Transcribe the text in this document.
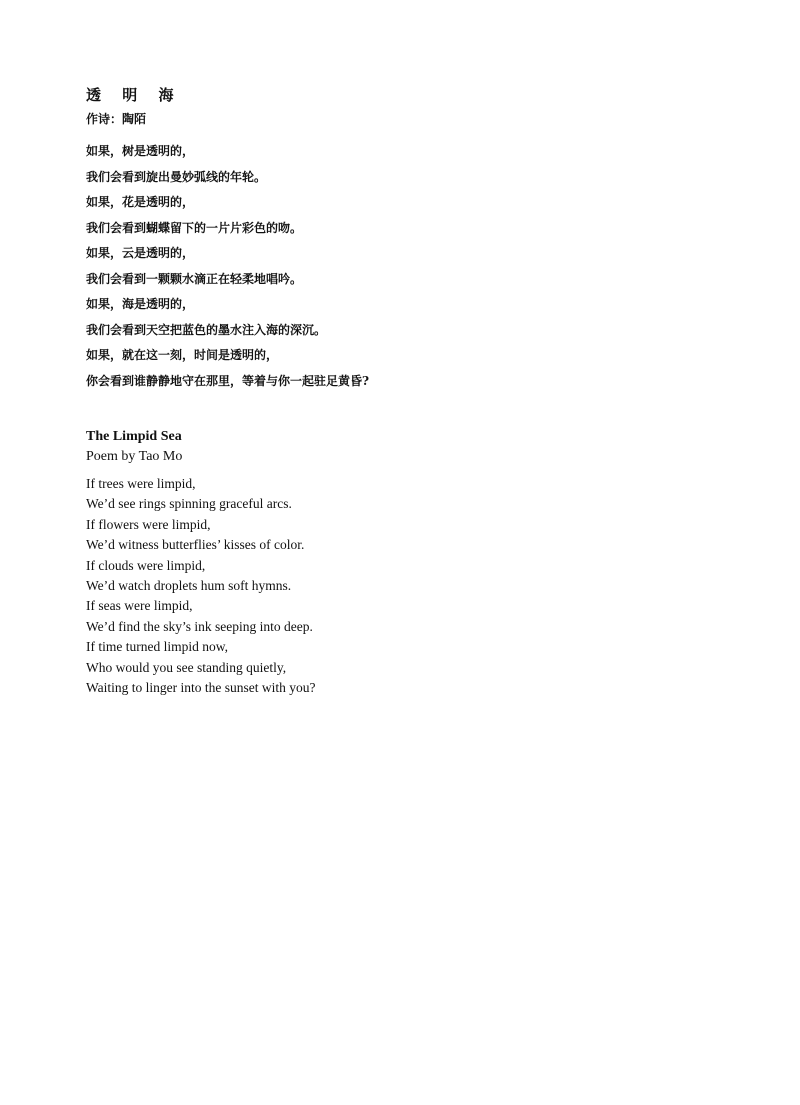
透 明 海
作诗：陶陌
如果，树是透明的，
我们会看到旋出曼妙弧线的年轮。
如果，花是透明的，
我们会看到蝴蝶留下的一片片彩色的吻。
如果，云是透明的，
我们会看到一颗颗水滴正在轻柔地唱吟。
如果，海是透明的，
我们会看到天空把蓝色的墨水注入海的深沉。
如果，就在这一刻，时间是透明的，
你会看到谁静静地守在那里，等着与你一起驻足黄昏?
The Limpid Sea
Poem by Tao Mo
If trees were limpid,
We’d see rings spinning graceful arcs.
If flowers were limpid,
We’d witness butterflies’ kisses of color.
If clouds were limpid,
We’d watch droplets hum soft hymns.
If seas were limpid,
We’d find the sky’s ink seeping into deep.
If time turned limpid now,
Who would you see standing quietly,
Waiting to linger into the sunset with you?
